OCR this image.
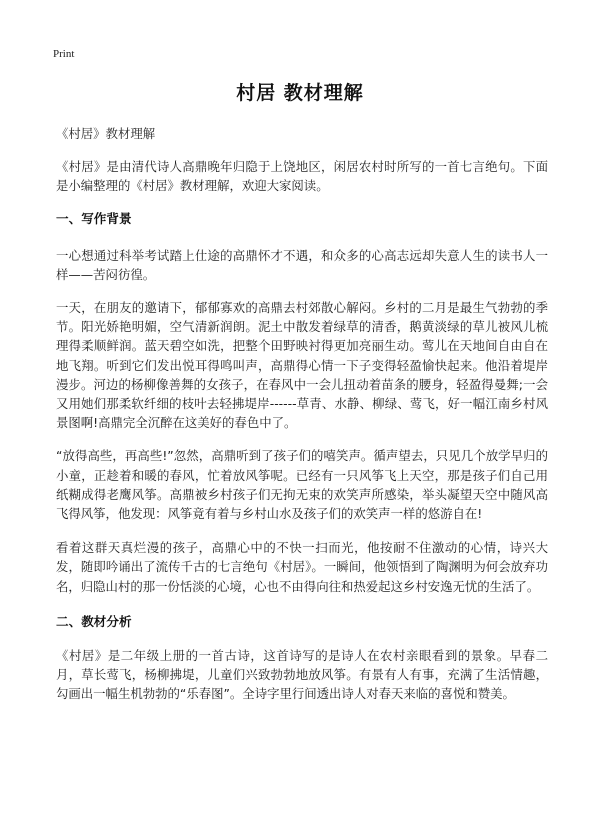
Print
村居 教材理解

《村居》教材理解

《村居》是由清代诗人高鼎晚年归隐于上饶地区，闲居农村时所写的一首七言绝句。下面是小编整理的《村居》教材理解，欢迎大家阅读。

一、写作背景

一心想通过科举考试踏上仕途的高鼎怀才不遇，和众多的心高志远却失意人生的读书人一样——苦闷彷徨。

一天，在朋友的邀请下，郁郁寡欢的高鼎去村郊散心解闷。乡村的二月是最生气勃勃的季节。阳光娇艳明媚，空气清新润朗。泥土中散发着绿草的清香，鹅黄淡绿的草儿被风儿梳理得柔顺鲜润。蓝天碧空如洗，把整个田野映衬得更加亮丽生动。莺儿在天地间自由自在地飞翔。听到它们发出悦耳得鸣叫声，高鼎得心情一下子变得轻盈愉快起来。他沿着堤岸漫步。河边的杨柳像善舞的女孩子，在春风中一会儿扭动着苗条的腰身，轻盈得曼舞;一会又用她们那柔软纤细的枝叶去轻拂堤岸------草青、水静、柳绿、莺飞，好一幅江南乡村风景图啊!高鼎完全沉醉在这美好的春色中了。

“放得高些，再高些!”忽然，高鼎听到了孩子们的嘻笑声。循声望去，只见几个放学早归的小童，正趁着和暖的春风，忙着放风筝呢。已经有一只风筝飞上天空，那是孩子们自己用纸糊成得老鹰风筝。高鼎被乡村孩子们无拘无束的欢笑声所感染，举头凝望天空中随风高飞得风筝，他发现：风筝竟有着与乡村山水及孩子们的欢笑声一样的悠游自在!

看着这群天真烂漫的孩子，高鼎心中的不快一扫而光，他按耐不住激动的心情，诗兴大发，随即吟诵出了流传千古的七言绝句《村居》。一瞬间，他领悟到了陶渊明为何会放弃功名，归隐山村的那一份恬淡的心境，心也不由得向往和热爱起这乡村安逸无忧的生活了。

二、教材分析

《村居》是二年级上册的一首古诗，这首诗写的是诗人在农村亲眼看到的景象。早春二月，草长莺飞，杨柳拂堤，儿童们兴致勃勃地放风筝。有景有人有事，充满了生活情趣，勾画出一幅生机勃勃的“乐春图”。全诗字里行间透出诗人对春天来临的喜悦和赞美。
